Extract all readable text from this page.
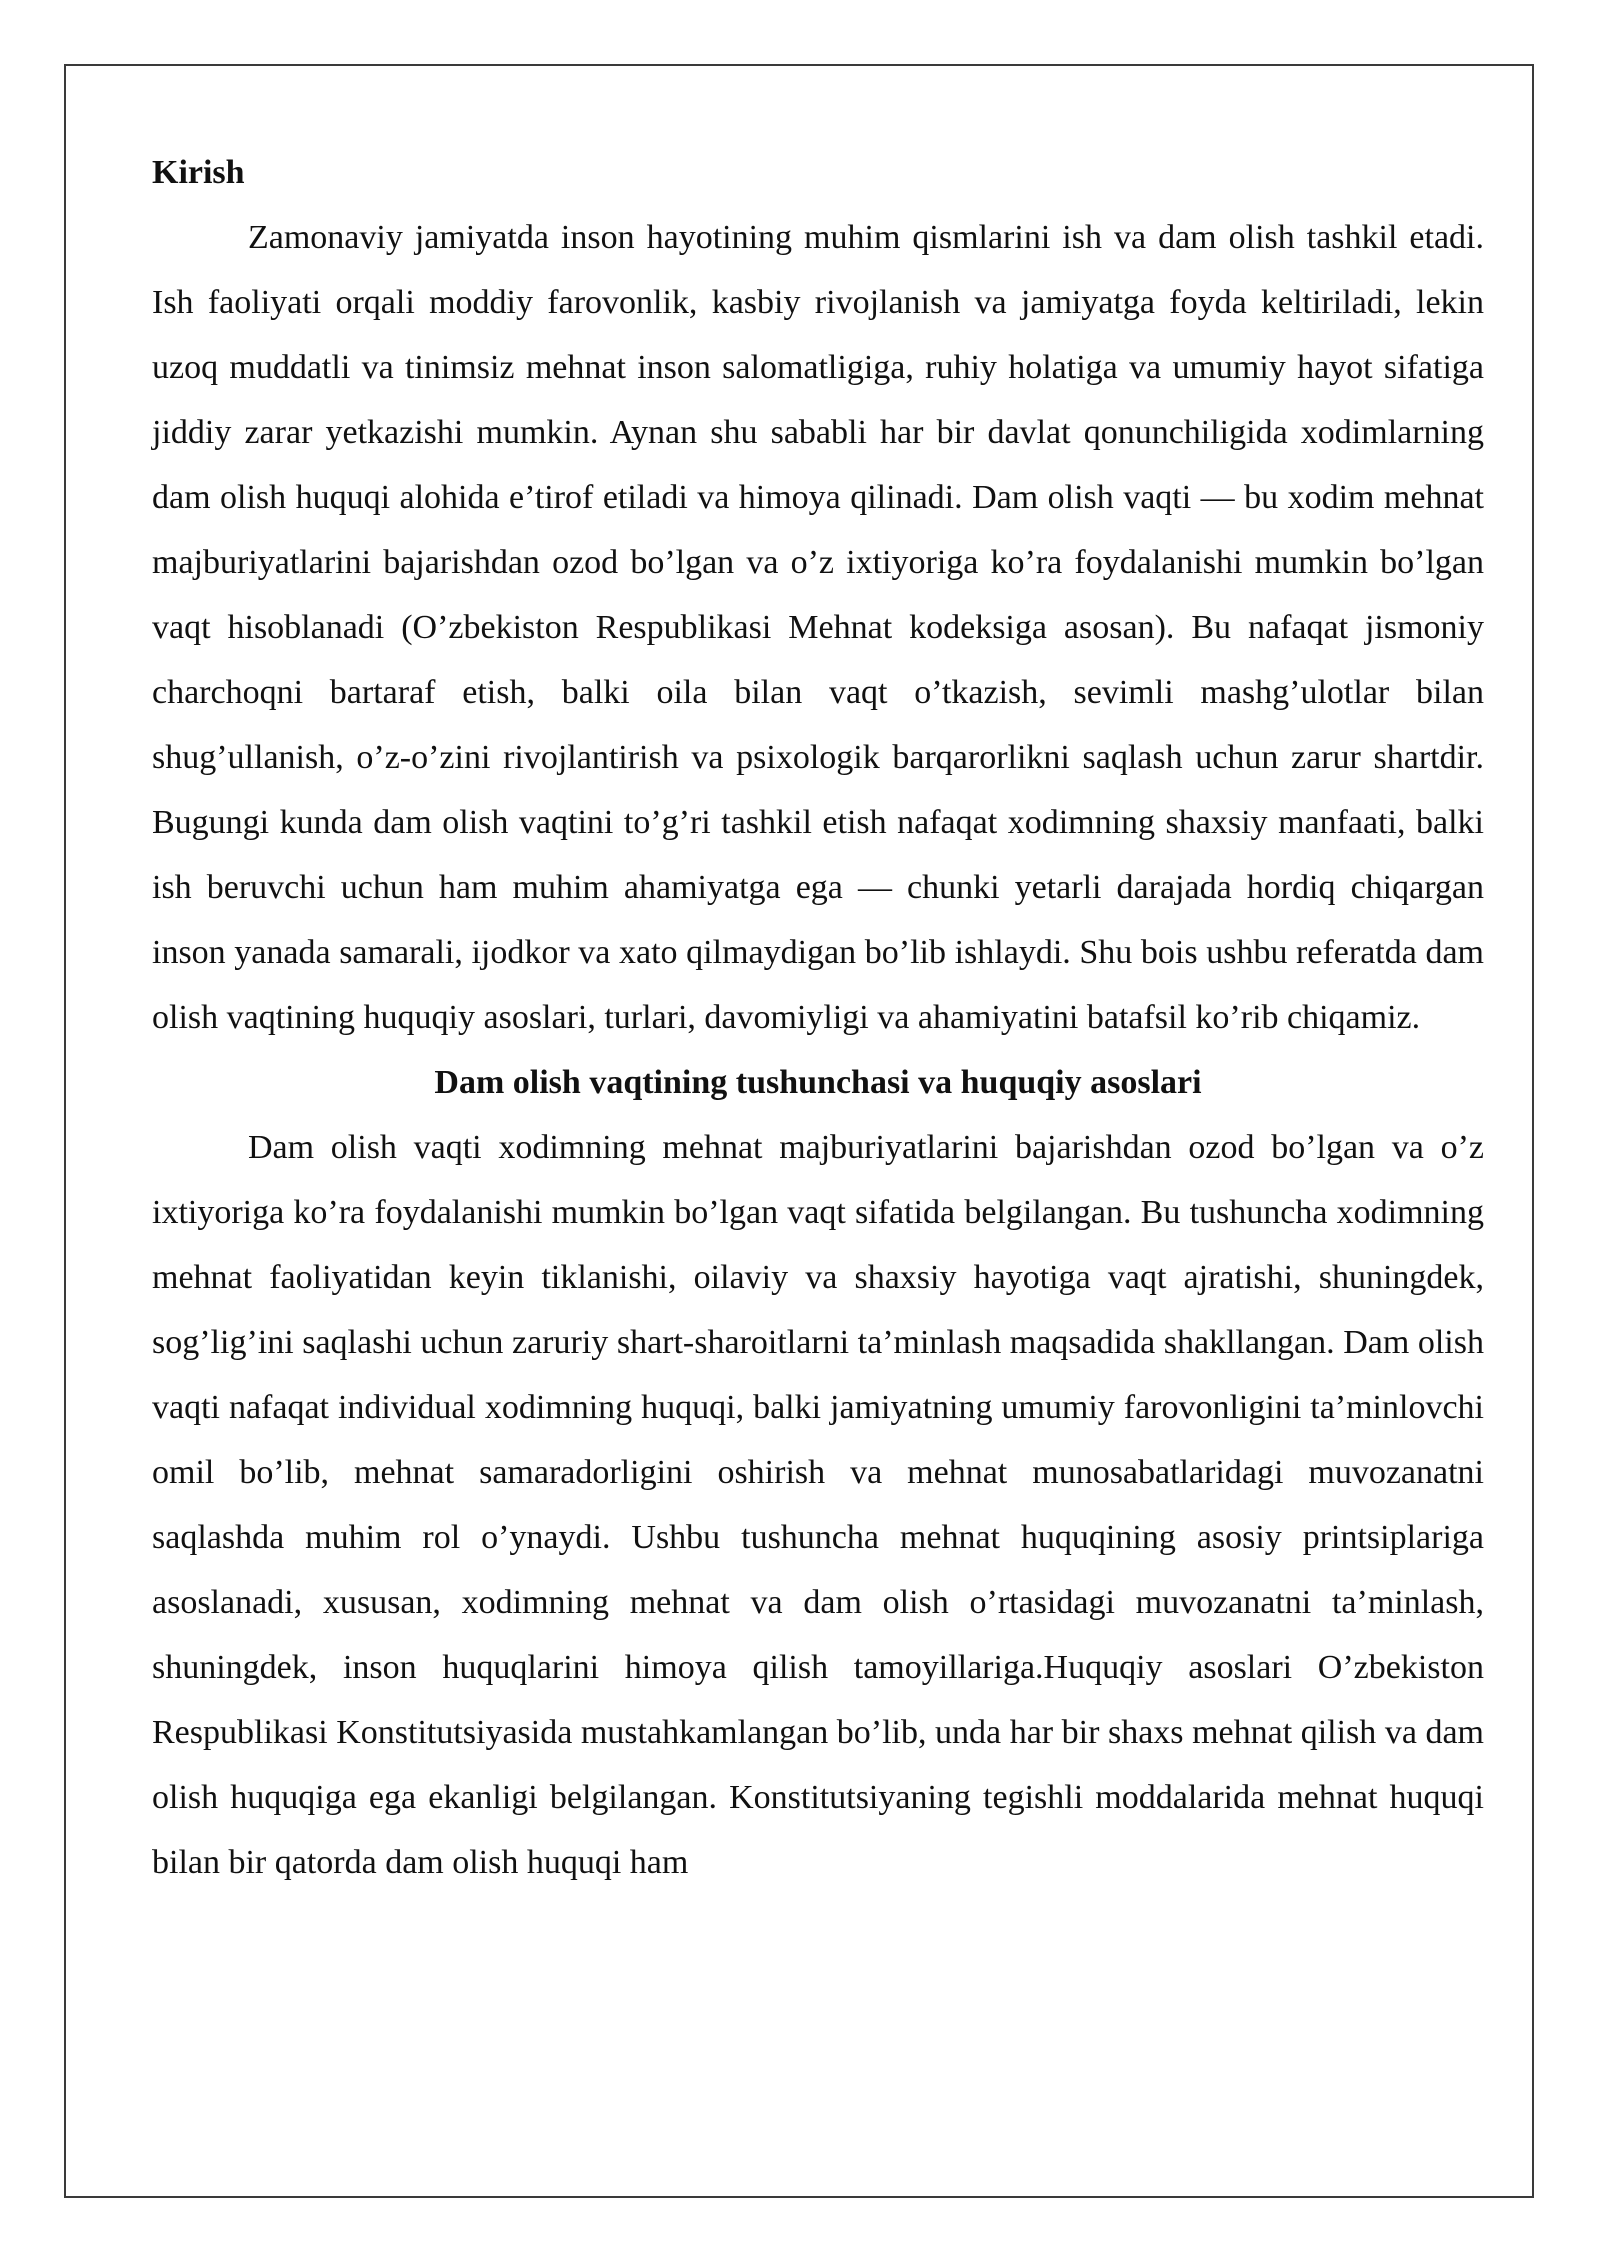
Kirish

Zamonaviy jamiyatda inson hayotining muhim qismlarini ish va dam olish tashkil etadi. Ish faoliyati orqali moddiy farovonlik, kasbiy rivojlanish va jamiyatga foyda keltiriladi, lekin uzoq muddatli va tinimsiz mehnat inson salomatligiga, ruhiy holatiga va umumiy hayot sifatiga jiddiy zarar yetkazishi mumkin. Aynan shu sababli har bir davlat qonunchiligida xodimlarning dam olish huquqi alohida e’tirof etiladi va himoya qilinadi. Dam olish vaqti — bu xodim mehnat majburiyatlarini bajarishdan ozod bo’lgan va o’z ixtiyoriga ko’ra foydalanishi mumkin bo’lgan vaqt hisoblanadi (O’zbekiston Respublikasi Mehnat kodeksiga asosan). Bu nafaqat jismoniy charchoqni bartaraf etish, balki oila bilan vaqt o’tkazish, sevimli mashg’ulotlar bilan shug’ullanish, o’z-o’zini rivojlantirish va psixologik barqarorlikni saqlash uchun zarur shartdir. Bugungi kunda dam olish vaqtini to’g’ri tashkil etish nafaqat xodimning shaxsiy manfaati, balki ish beruvchi uchun ham muhim ahamiyatga ega — chunki yetarli darajada hordiq chiqargan inson yanada samarali, ijodkor va xato qilmaydigan bo’lib ishlaydi. Shu bois ushbu referatda dam olish vaqtining huquqiy asoslari, turlari, davomiyligi va ahamiyatini batafsil ko’rib chiqamiz.

Dam olish vaqtining tushunchasi va huquqiy asoslari

Dam olish vaqti xodimning mehnat majburiyatlarini bajarishdan ozod bo’lgan va o’z ixtiyoriga ko’ra foydalanishi mumkin bo’lgan vaqt sifatida belgilangan. Bu tushuncha xodimning mehnat faoliyatidan keyin tiklanishi, oilaviy va shaxsiy hayotiga vaqt ajratishi, shuningdek, sog’lig’ini saqlashi uchun zaruriy shart-sharoitlarni ta’minlash maqsadida shakllangan. Dam olish vaqti nafaqat individual xodimning huquqi, balki jamiyatning umumiy farovonligini ta’minlovchi omil bo’lib, mehnat samaradorligini oshirish va mehnat munosabatlaridagi muvozanatni saqlashda muhim rol o’ynaydi. Ushbu tushuncha mehnat huquqining asosiy printsiplariga asoslanadi, xususan, xodimning mehnat va dam olish o’rtasidagi muvozanatni ta’minlash, shuningdek, inson huquqlarini himoya qilish tamoyillariga.Huquqiy asoslari O’zbekiston Respublikasi Konstitutsiyasida mustahkamlangan bo’lib, unda har bir shaxs mehnat qilish va dam olish huquqiga ega ekanligi belgilangan. Konstitutsiyaning tegishli moddalarida mehnat huquqi bilan bir qatorda dam olish huquqi ham
